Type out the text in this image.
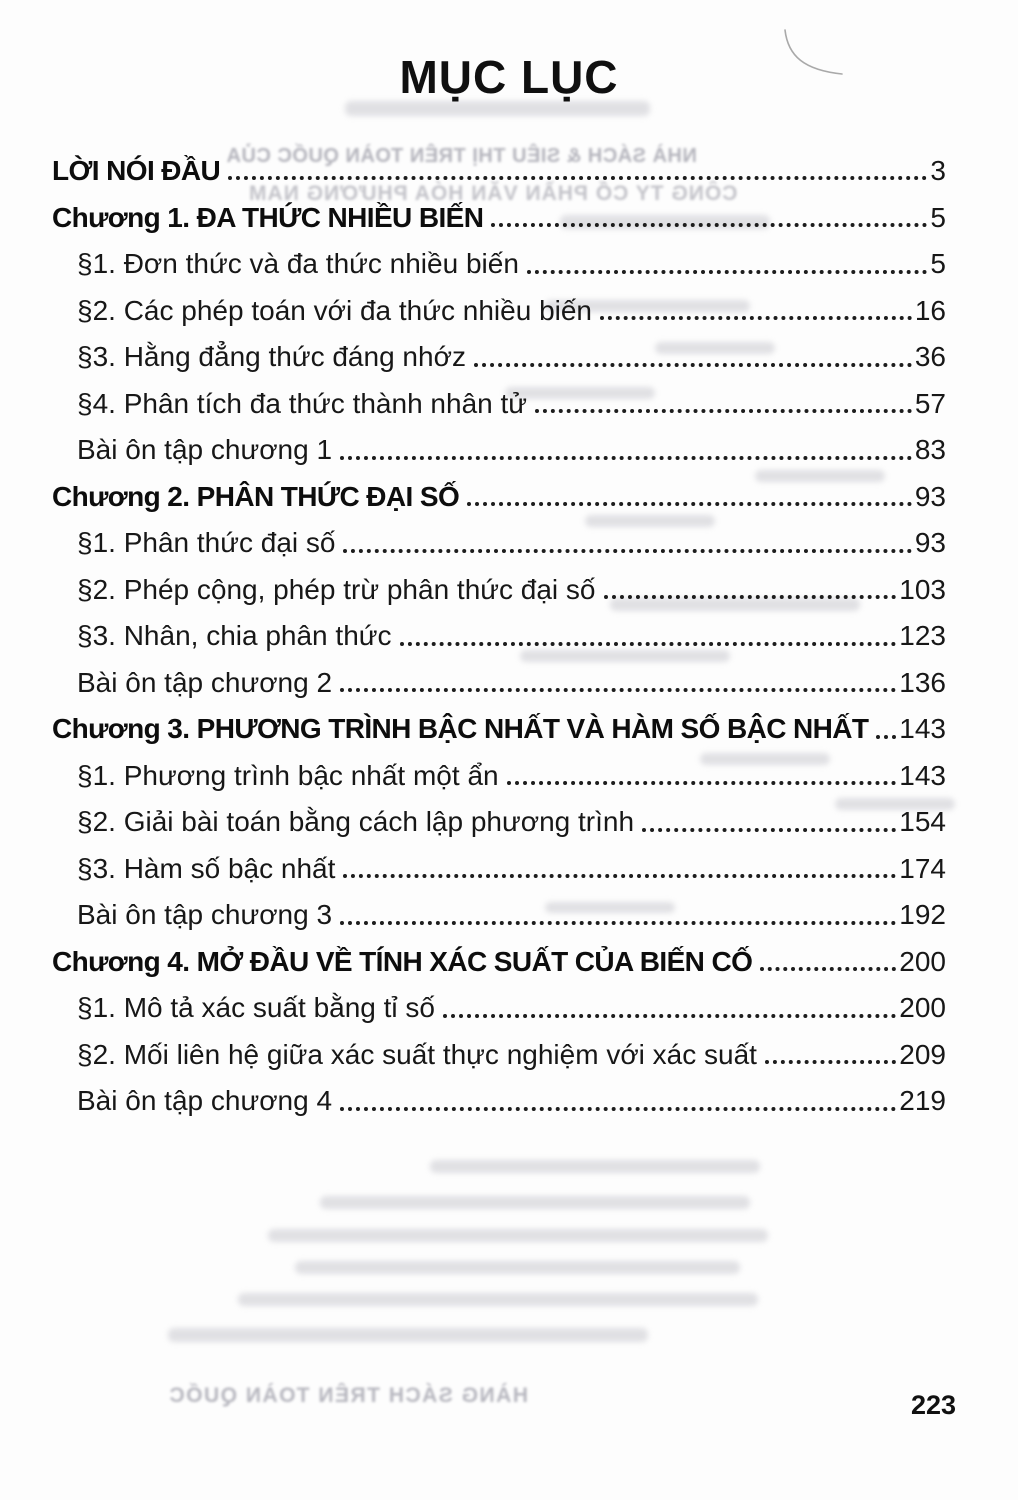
NHÀ SÁCH & SIÊU THỊ TRÊN TOÀN QUỐC CỦA
CÔNG TY CỔ PHẦN VĂN HÓA PHƯƠNG NAM
HÀNG SÁCH TRÊN TOÀN QUỐC
MỤC LỤC
LỜI NÓI ĐẦU	3
Chương 1. ĐA THỨC NHIỀU BIẾN	5
§1. Đơn thức và đa thức nhiều biến	5
§2. Các phép toán với đa thức nhiều biến	16
§3. Hằng đẳng thức đáng nhớz	36
§4. Phân tích đa thức thành nhân tử	57
Bài ôn tập chương 1	83
Chương 2. PHÂN THỨC ĐẠI SỐ	93
§1. Phân thức đại số	93
§2. Phép cộng, phép trừ phân thức đại số	103
§3. Nhân, chia phân thức	123
Bài ôn tập chương 2	136
Chương 3. PHƯƠNG TRÌNH BẬC NHẤT VÀ HÀM SỐ BẬC NHẤT 143
§1. Phương trình bậc nhất một ẩn	143
§2. Giải bài toán bằng cách lập phương trình	154
§3. Hàm số bậc nhất	174
Bài ôn tập chương 3	192
Chương 4. MỞ ĐẦU VỀ TÍNH XÁC SUẤT CỦA BIẾN CỐ	200
§1. Mô tả xác suất bằng tỉ số	200
§2. Mối liên hệ giữa xác suất thực nghiệm với xác suất	209
Bài ôn tập chương 4	219
223
